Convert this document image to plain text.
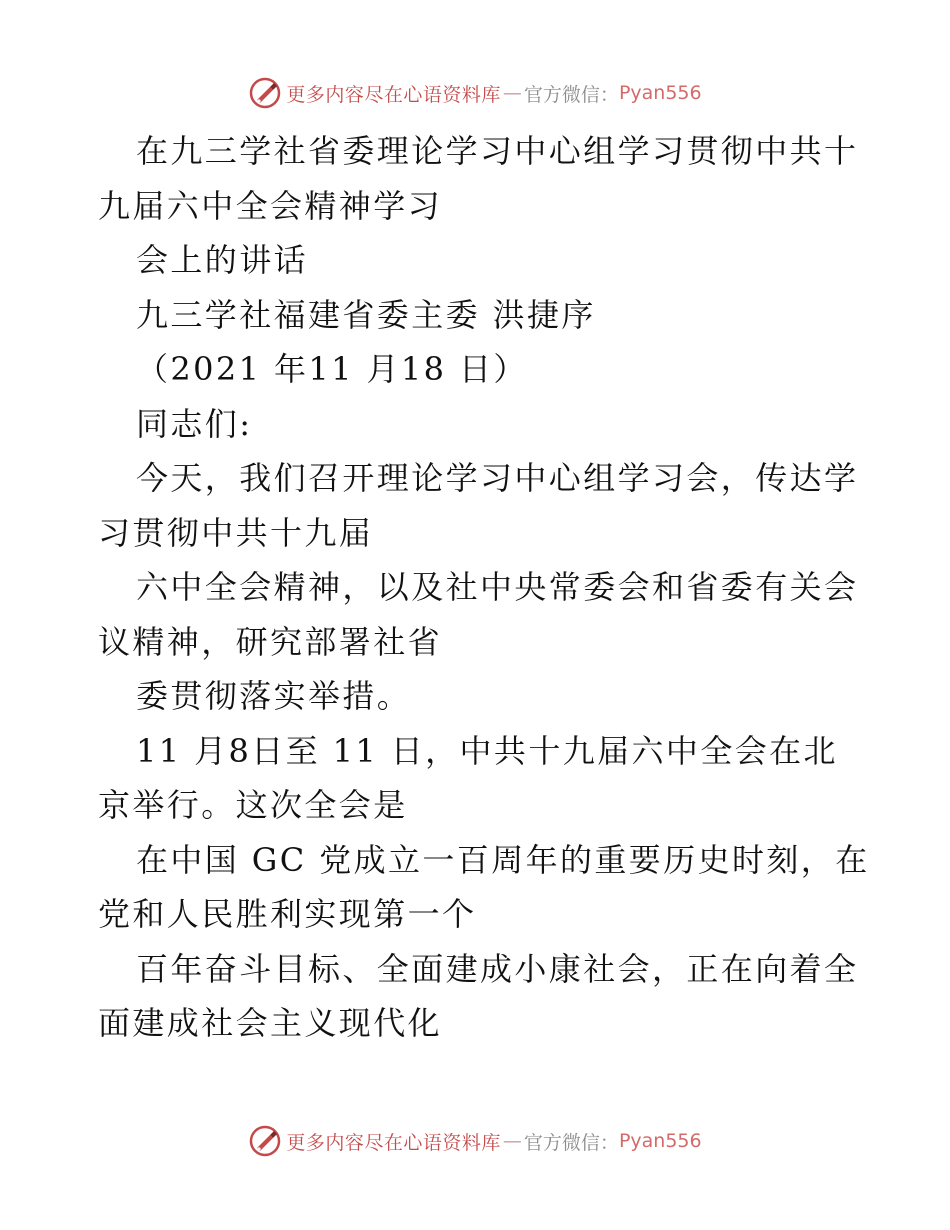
更多内容尽在心语资料库 — 官方微信： Pyan556
在九三学社省委理论学习中心组学习贯彻中共十
九届六中全会精神学习
会上的讲话
九三学社福建省委主委 洪捷序
（2021 年11 月18 日）
同志们:
今天，我们召开理论学习中心组学习会，传达学
习贯彻中共十九届
六中全会精神，以及社中央常委会和省委有关会
议精神，研究部署社省
委贯彻落实举措。
11 月8日至 11 日，中共十九届六中全会在北
京举行。这次全会是
在中国 GC 党成立一百周年的重要历史时刻，在
党和人民胜利实现第一个
百年奋斗目标、全面建成小康社会，正在向着全
面建成社会主义现代化
更多内容尽在心语资料库 — 官方微信： Pyan556
